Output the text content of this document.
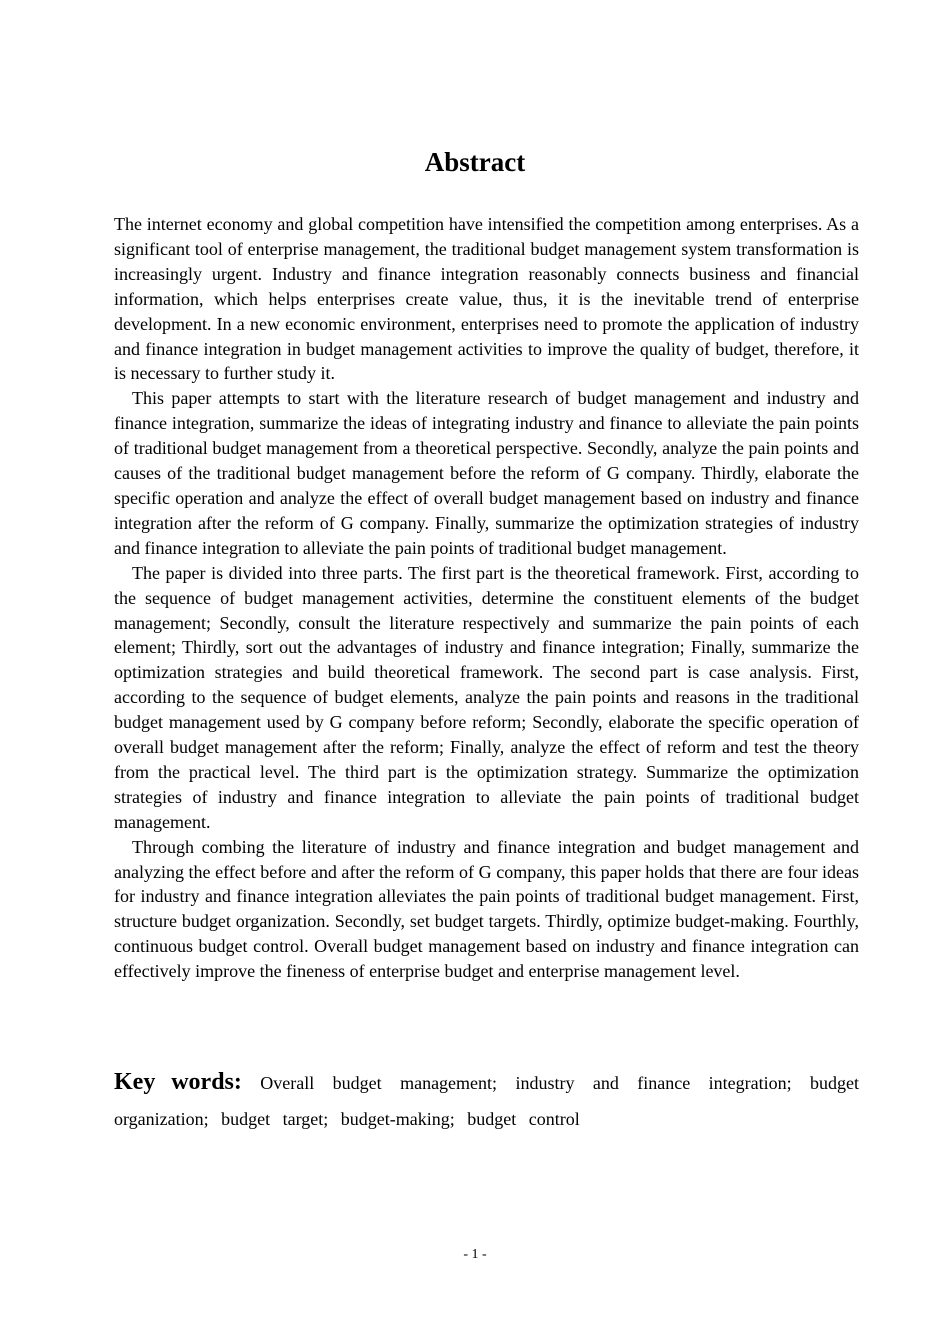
Abstract

The internet economy and global competition have intensified the competition among enterprises. As a significant tool of enterprise management, the traditional budget management system transformation is increasingly urgent. Industry and finance integration reasonably connects business and financial information, which helps enterprises create value, thus, it is the inevitable trend of enterprise development. In a new economic environment, enterprises need to promote the application of industry and finance integration in budget management activities to improve the quality of budget, therefore, it is necessary to further study it.

This paper attempts to start with the literature research of budget management and industry and finance integration, summarize the ideas of integrating industry and finance to alleviate the pain points of traditional budget management from a theoretical perspective. Secondly, analyze the pain points and causes of the traditional budget management before the reform of G company. Thirdly, elaborate the specific operation and analyze the effect of overall budget management based on industry and finance integration after the reform of G company. Finally, summarize the optimization strategies of industry and finance integration to alleviate the pain points of traditional budget management.

The paper is divided into three parts. The first part is the theoretical framework. First, according to the sequence of budget management activities, determine the constituent elements of the budget management; Secondly, consult the literature respectively and summarize the pain points of each element; Thirdly, sort out the advantages of industry and finance integration; Finally, summarize the optimization strategies and build theoretical framework. The second part is case analysis. First, according to the sequence of budget elements, analyze the pain points and reasons in the traditional budget management used by G company before reform; Secondly, elaborate the specific operation of overall budget management after the reform; Finally, analyze the effect of reform and test the theory from the practical level. The third part is the optimization strategy. Summarize the optimization strategies of industry and finance integration to alleviate the pain points of traditional budget management.

Through combing the literature of industry and finance integration and budget management and analyzing the effect before and after the reform of G company, this paper holds that there are four ideas for industry and finance integration alleviates the pain points of traditional budget management. First, structure budget organization. Secondly, set budget targets. Thirdly, optimize budget-making. Fourthly, continuous budget control. Overall budget management based on industry and finance integration can effectively improve the fineness of enterprise budget and enterprise management level.

Key words: Overall budget management; industry and finance integration; budget organization; budget target; budget-making; budget control
- 1 -
